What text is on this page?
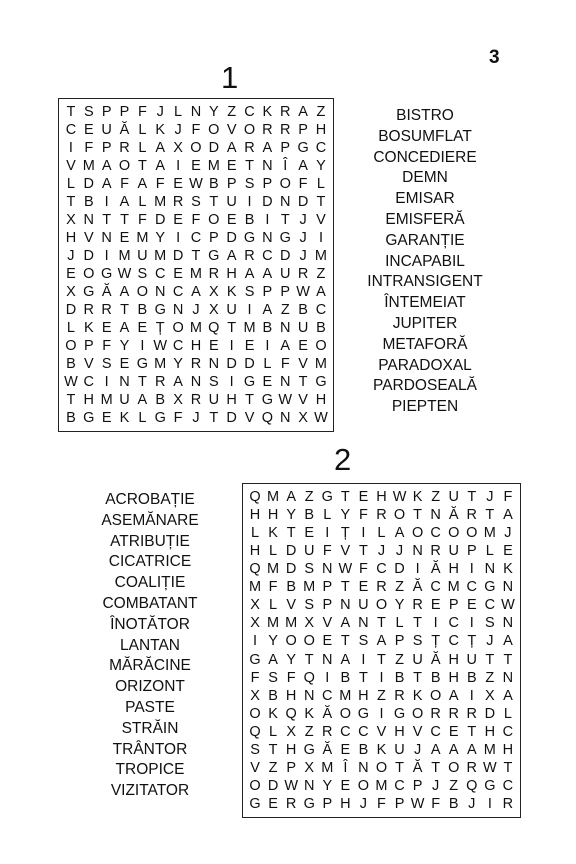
3
1
T S P P F J L N Y Z C K R A Z
C E U Ă L K J F O V O R R P H
I F P R L A X O D A R A P G C
V M A O T A I E M E T N Î A Y
L D A F A F E W B P S P O F L
T B I A L M R S T U I D N D T
X N T T F D E F O E B I T J V
H V N E M Y I C P D G N G J I
J D I M U M D T G A R C D J M
E O G W S C E M R H A A U R Z
X G Ă A O N C A X K S P P W A
D R R T B G N J X U I A Z B C
L K E A E Ț O M Q T M B N U B
O P F Y I W C H E I E I A E O
B V S E G M Y R N D D L F V M
W C I N T R A N S I G E N T G
T H M U A B X R U H T G W V H
B G E K L G F J T D V Q N X W
BISTRO
BOSUMFLAT
CONCEDIERE
DEMN
EMISAR
EMISFERĂ
GARANȚIE
INCAPABIL
INTRANSIGENT
ÎNTEMEIAT
JUPITER
METAFORĂ
PARADOXAL
PARDOSEALĂ
PIEPTEN
2
Q M A Z G T E H W K Z U T J F
H H Y B L Y F R O T N Ă R T A
L K T E I Ț I L A O C O O M J
H L D U F V T J J N R U P L E
Q M D S N W F C D I Ă H I N K
M F B M P T E R Z Ă C M C G N
X L V S P N U O Y R E P E C W
X M M X V A N T L T I C I S N
I Y O O E T S A P S Ț C Ț J A
G A Y T N A I T Z U Ă H U T T
F S F Q I B T I B T B H B Z N
X B H N C M H Z R K O A I X A
O K Q K Ă O G I G O R R R D L
Q L X Z R C C V H V C E T H C
S T H G Ă E B K U J A A A M H
V Z P X M Î N O T Ă T O R W T
O D W N Y E O M C P J Z Q G C
G E R G P H J F P W F B J I R
ACROBAȚIE
ASEMĂNARE
ATRIBUȚIE
CICATRICE
COALIȚIE
COMBATANT
ÎNOTĂTOR
LANTAN
MĂRĂCINE
ORIZONT
PASTE
STRĂIN
TRÂNTOR
TROPICE
VIZITATOR
